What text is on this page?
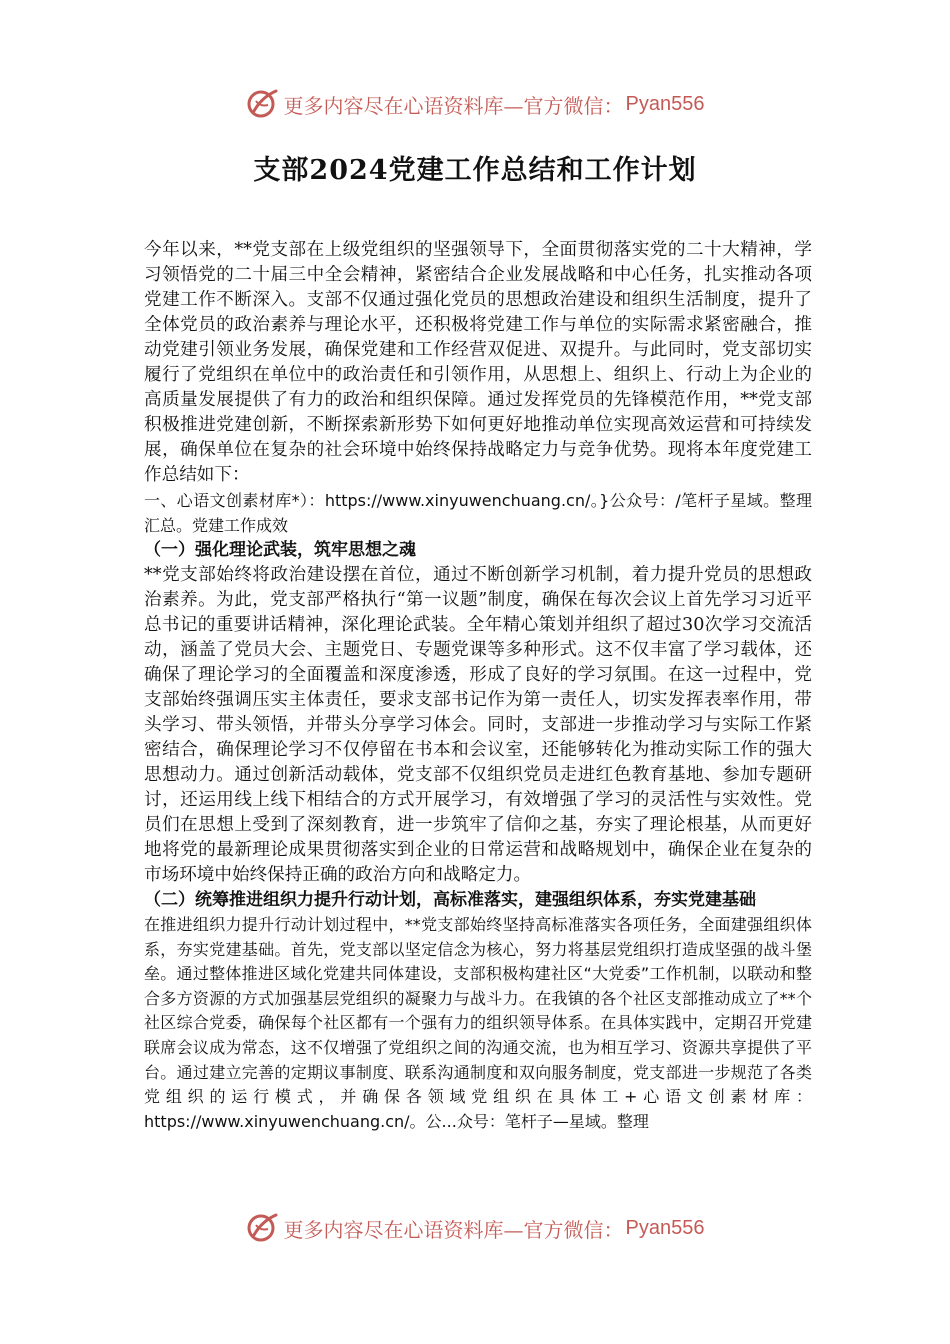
更多内容尽在心语资料库—官方微信： Pyan556
支部2024党建工作总结和工作计划

今年以来，**党支部在上级党组织的坚强领导下，全面贯彻落实党的二十大精神，学习领悟党的二十届三中全会精神，紧密结合企业发展战略和中心任务，扎实推动各项党建工作不断深入。支部不仅通过强化党员的思想政治建设和组织生活制度，提升了全体党员的政治素养与理论水平，还积极将党建工作与单位的实际需求紧密融合，推动党建引领业务发展，确保党建和工作经营双促进、双提升。与此同时，党支部切实履行了党组织在单位中的政治责任和引领作用，从思想上、组织上、行动上为企业的高质量发展提供了有力的政治和组织保障。通过发挥党员的先锋模范作用，**党支部积极推进党建创新，不断探索新形势下如何更好地推动单位实现高效运营和可持续发展，确保单位在复杂的社会环境中始终保持战略定力与竞争优势。现将本年度党建工作总结如下：

一、心语文创素材库*）：https://www.xinyuwenchuang.cn/。}公众号：/笔杆子星域。整理汇总。党建工作成效

（一）强化理论武装，筑牢思想之魂

**党支部始终将政治建设摆在首位，通过不断创新学习机制，着力提升党员的思想政治素养。为此，党支部严格执行“第一议题”制度，确保在每次会议上首先学习习近平总书记的重要讲话精神，深化理论武装。全年精心策划并组织了超过30次学习交流活动，涵盖了党员大会、主题党日、专题党课等多种形式。这不仅丰富了学习载体，还确保了理论学习的全面覆盖和深度渗透，形成了良好的学习氛围。在这一过程中，党支部始终强调压实主体责任，要求支部书记作为第一责任人，切实发挥表率作用，带头学习、带头领悟，并带头分享学习体会。同时，支部进一步推动学习与实际工作紧密结合，确保理论学习不仅停留在书本和会议室，还能够转化为推动实际工作的强大思想动力。通过创新活动载体，党支部不仅组织党员走进红色教育基地、参加专题研讨，还运用线上线下相结合的方式开展学习，有效增强了学习的灵活性与实效性。党员们在思想上受到了深刻教育，进一步筑牢了信仰之基，夯实了理论根基，从而更好地将党的最新理论成果贯彻落实到企业的日常运营和战略规划中，确保企业在复杂的市场环境中始终保持正确的政治方向和战略定力。

（二）统筹推进组织力提升行动计划，高标准落实，建强组织体系，夯实党建基础

在推进组织力提升行动计划过程中，**党支部始终坚持高标准落实各项任务，全面建强组织体系，夯实党建基础。首先，党支部以坚定信念为核心，努力将基层党组织打造成坚强的战斗堡垒。通过整体推进区域化党建共同体建设，支部积极构建社区“大党委”工作机制，以联动和整合多方资源的方式加强基层党组织的凝聚力与战斗力。在我镇的各个社区支部推动成立了**个社区综合党委，确保每个社区都有一个强有力的组织领导体系。在具体实践中，定期召开党建联席会议成为常态，这不仅增强了党组织之间的沟通交流，也为相互学习、资源共享提供了平台。通过建立完善的定期议事制度、联系沟通制度和双向服务制度，党支部进一步规范了各类党组织的运行模式，并确保各领域党组织在具体工+心语文创素材库：https://www.xinyuwenchuang.cn/。公...众号：笔杆子—星域。整理

更多内容尽在心语资料库—官方微信： Pyan556
